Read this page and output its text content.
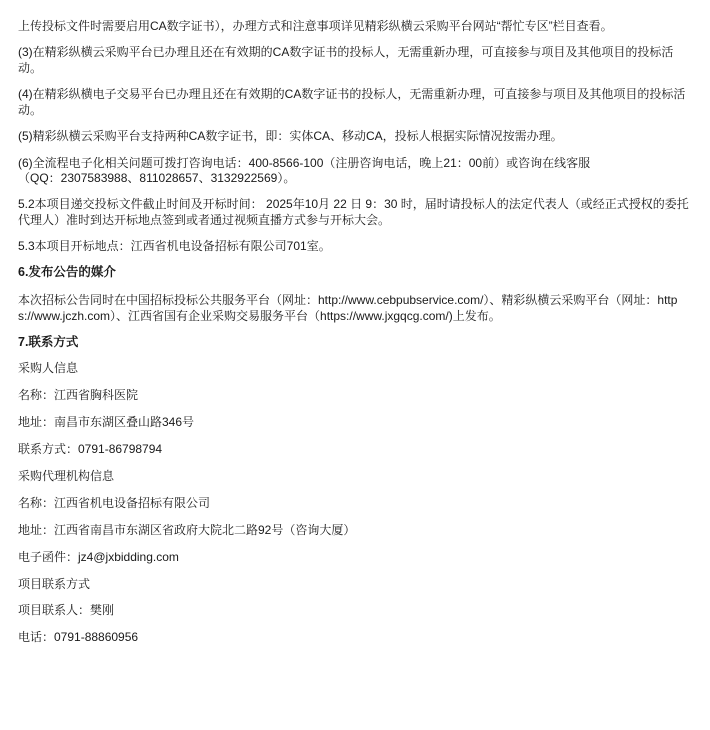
上传投标文件时需要启用CA数字证书），办理方式和注意事项详见精彩纵横云采购平台网站“帮忙专区”栏目查看。

(3)在精彩纵横云采购平台已办理且还在有效期的CA数字证书的投标人，无需重新办理，可直接参与项目及其他项目的投标活动。

(4)在精彩纵横电子交易平台已办理且还在有效期的CA数字证书的投标人，无需重新办理，可直接参与项目及其他项目的投标活动。

(5)精彩纵横云采购平台支持两种CA数字证书，即：实体CA、移动CA，投标人根据实际情况按需办理。

(6)全流程电子化相关问题可拨打咨询电话：400-8566-100（注册咨询电话，晚上21：00前）或咨询在线客服

（QQ：2307583988、811028657、3132922569）。

5.2本项目递交投标文件截止时间及开标时间： 2025年10月 22 日 9：30 时，届时请投标人的法定代表人（或经正式授权的委托代理人）准时到达开标地点签到或者通过视频直播方式参与开标大会。

5.3本项目开标地点：江西省机电设备招标有限公司701室。

6.发布公告的媒介

本次招标公告同时在中国招标投标公共服务平台（网址：http://www.cebpubservice.com/）、精彩纵横云采购平台（网址：https://www.jczh.com）、江西省国有企业采购交易服务平台（https://www.jxgqcg.com/)上发布。

7.联系方式

采购人信息

名称：江西省胸科医院

地址：南昌市东湖区叠山路346号

联系方式：0791-86798794

采购代理机构信息

名称：江西省机电设备招标有限公司

地址：江西省南昌市东湖区省政府大院北二路92号（咨询大厦）

电子函件：jz4@jxbidding.com

项目联系方式

项目联系人：樊刚

电话：0791-88860956
